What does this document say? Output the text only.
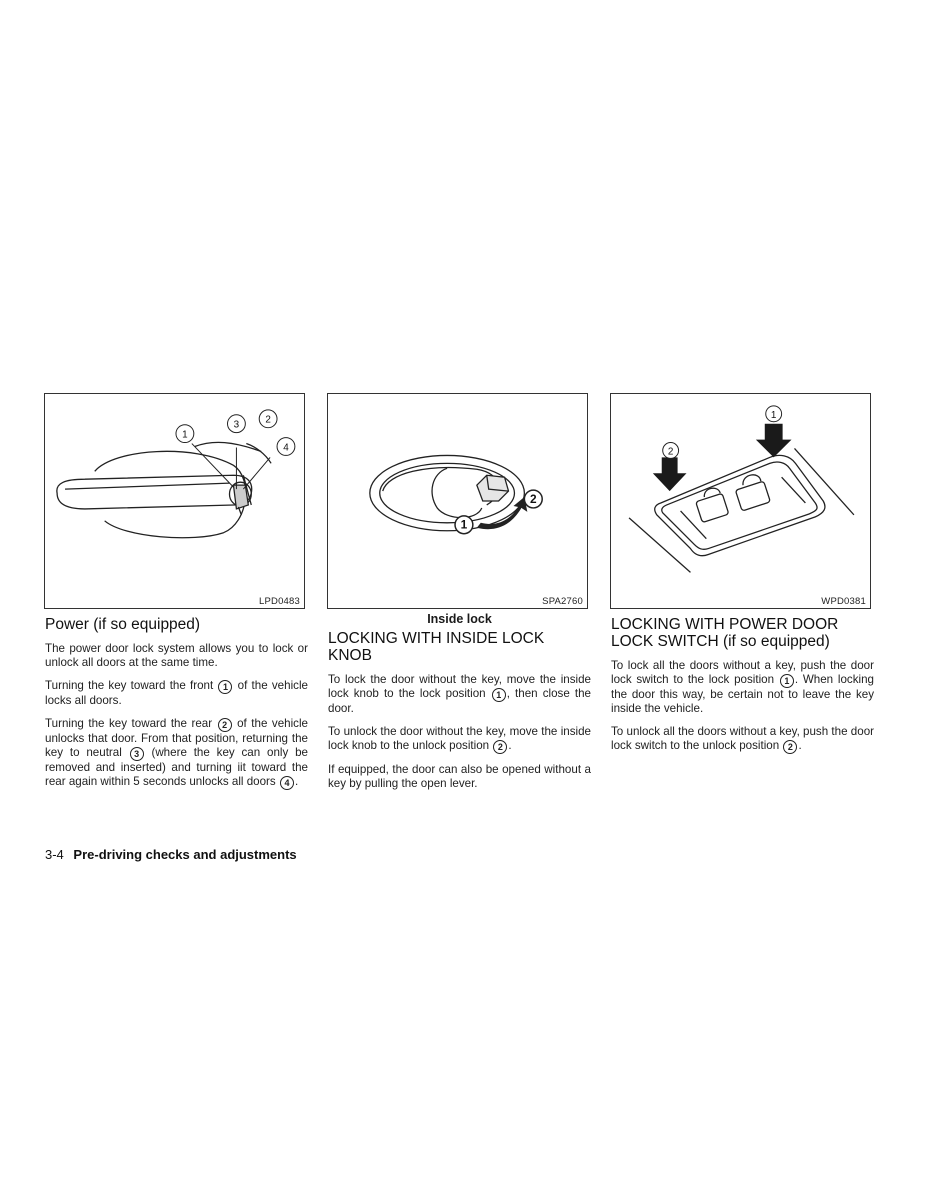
1
3	2
4
LPD0483
1
2
SPA2760
1
2
WPD0381
Power (if so equipped)

The power door lock system allows you to lock or unlock all doors at the same time.

Turning the key toward the front 1 of the vehicle locks all doors.

Turning the key toward the rear 2 of the vehicle unlocks that door. From that position, returning the key to neutral 3 (where the key can only be removed and inserted) and turning iit toward the rear again within 5 seconds unlocks all doors 4 .

Inside lock
LOCKING WITH INSIDE LOCK KNOB

To lock the door without the key, move the inside lock knob to the lock position 1 , then close the door.

To unlock the door without the key, move the inside lock knob to the unlock position 2 .

If equipped, the door can also be opened without a key by pulling the open lever.

LOCKING WITH POWER DOOR LOCK SWITCH (if so equipped)

To lock all the doors without a key, push the door lock switch to the lock position 1 . When locking the door this way, be certain not to leave the key inside the vehicle.

To unlock all the doors without a key, push the door lock switch to the unlock position 2 .

3-4 Pre-driving checks and adjustments
